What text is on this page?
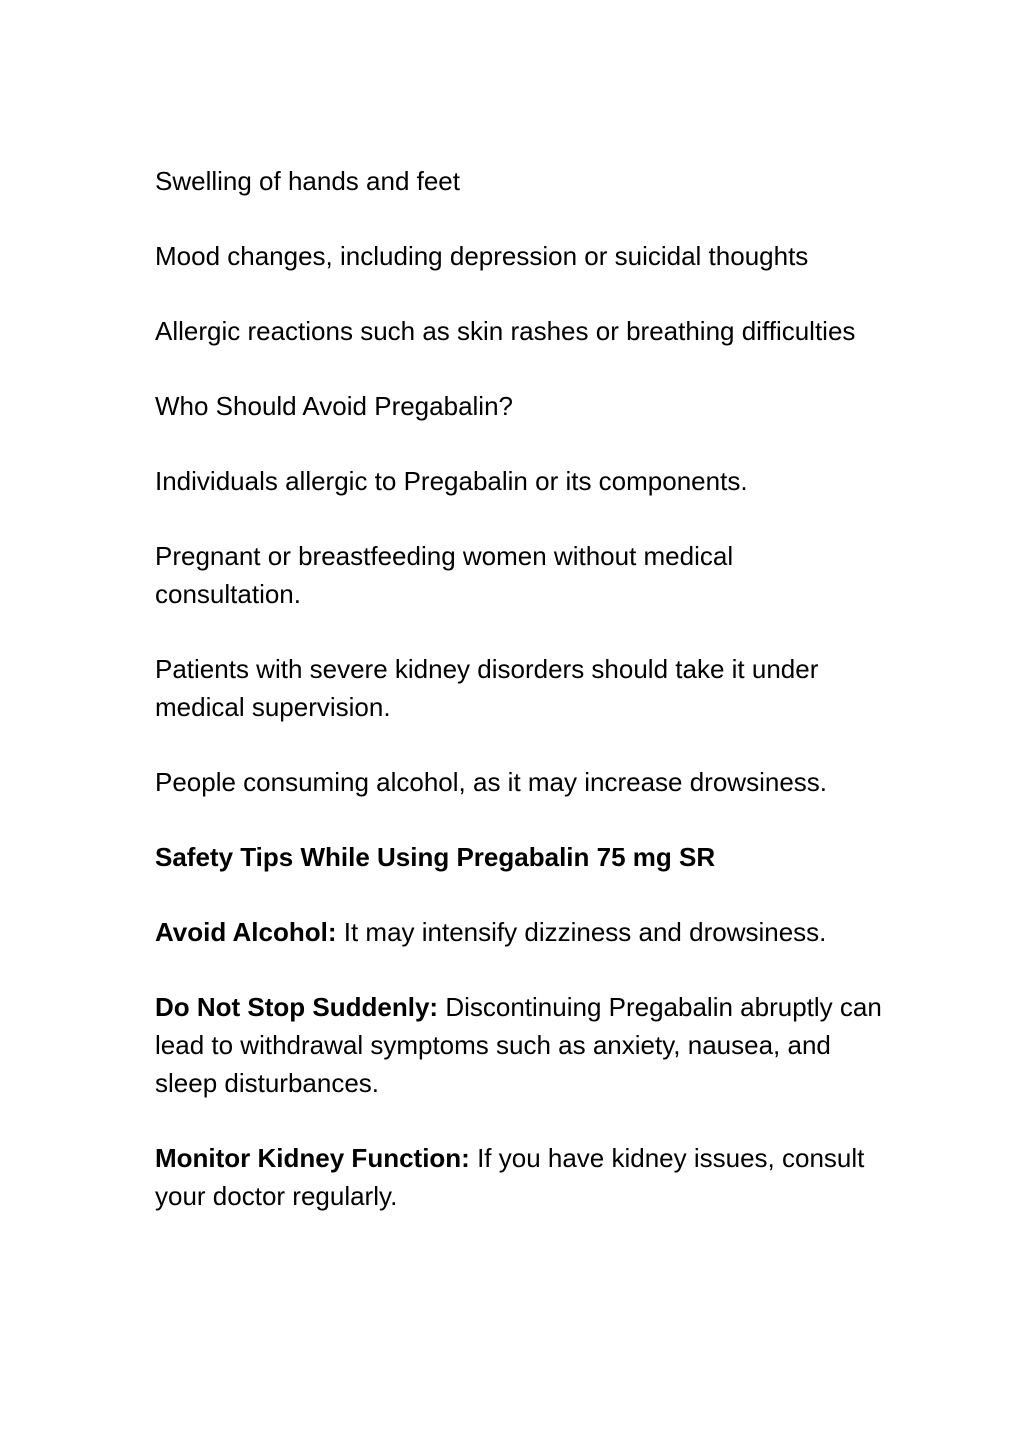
Swelling of hands and feet

Mood changes, including depression or suicidal thoughts

Allergic reactions such as skin rashes or breathing difficulties

Who Should Avoid Pregabalin?

Individuals allergic to Pregabalin or its components.

Pregnant or breastfeeding women without medical consultation.

Patients with severe kidney disorders should take it under medical supervision.

People consuming alcohol, as it may increase drowsiness.

Safety Tips While Using Pregabalin 75 mg SR

Avoid Alcohol: It may intensify dizziness and drowsiness.

Do Not Stop Suddenly: Discontinuing Pregabalin abruptly can lead to withdrawal symptoms such as anxiety, nausea, and sleep disturbances.

Monitor Kidney Function: If you have kidney issues, consult your doctor regularly.
